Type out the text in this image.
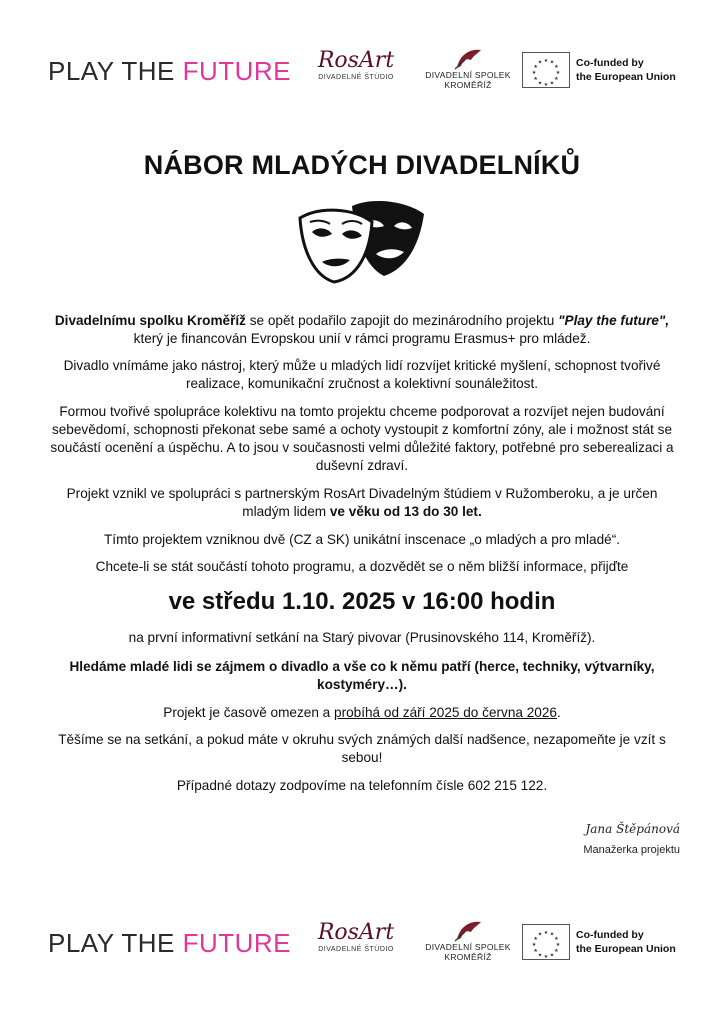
PLAY THE FUTURE	RosArt
DIVADELNÉ ŠTÚDIO	DIVADELNÍ SPOLEK
KROMĚŘÍŽ
★ ★
★
★
★
★
★
★
★
★
★
★	Co-funded by
the European Union
NÁBOR MLADÝCH DIVADELNÍKŮ

Divadelnímu spolku Kroměříž se opět podařilo zapojit do mezinárodního projektu "Play the future", který je financován Evropskou unií v rámci programu Erasmus+ pro mládež.

Divadlo vnímáme jako nástroj, který může u mladých lidí rozvíjet kritické myšlení, schopnost tvořivé realizace, komunikační zručnost a kolektivní sounáležitost.

Formou tvořivé spolupráce kolektivu na tomto projektu chceme podporovat a rozvíjet nejen budování sebevědomí, schopnosti překonat sebe samé a ochoty vystoupit z komfortní zóny, ale i možnost stát se součástí ocenění a úspěchu. A to jsou v současnosti velmi důležité faktory, potřebné pro seberealizaci a duševní zdraví.

Projekt vznikl ve spolupráci s partnerským RosArt Divadelným štúdiem v Ružomberoku, a je určen mladým lidem ve věku od 13 do 30 let.

Tímto projektem vzniknou dvě (CZ a SK) unikátní inscenace „o mladých a pro mladé“.

Chcete-li se stát součástí tohoto programu, a dozvědět se o něm bližší informace, přijďte

ve středu 1.10. 2025 v 16:00 hodin

na první informativní setkání na Starý pivovar (Prusinovského 114, Kroměříž).

Hledáme mladé lidi se zájmem o divadlo a vše co k němu patří (herce, techniky, výtvarníky, kostyméry…).

Projekt je časově omezen a probíhá od září 2025 do června 2026.

Těšíme se na setkání, a pokud máte v okruhu svých známých další nadšence, nezapomeňte je vzít s sebou!

Případné dotazy zodpovíme na telefonním čísle 602 215 122.

Jana Štěpánová
Manažerka projektu
PLAY THE FUTURE	RosArt
DIVADELNÉ ŠTÚDIO	DIVADELNÍ SPOLEK
KROMĚŘÍŽ
★ ★
★
★
★
★
★
★
★
★
★
★	Co-funded by
the European Union
